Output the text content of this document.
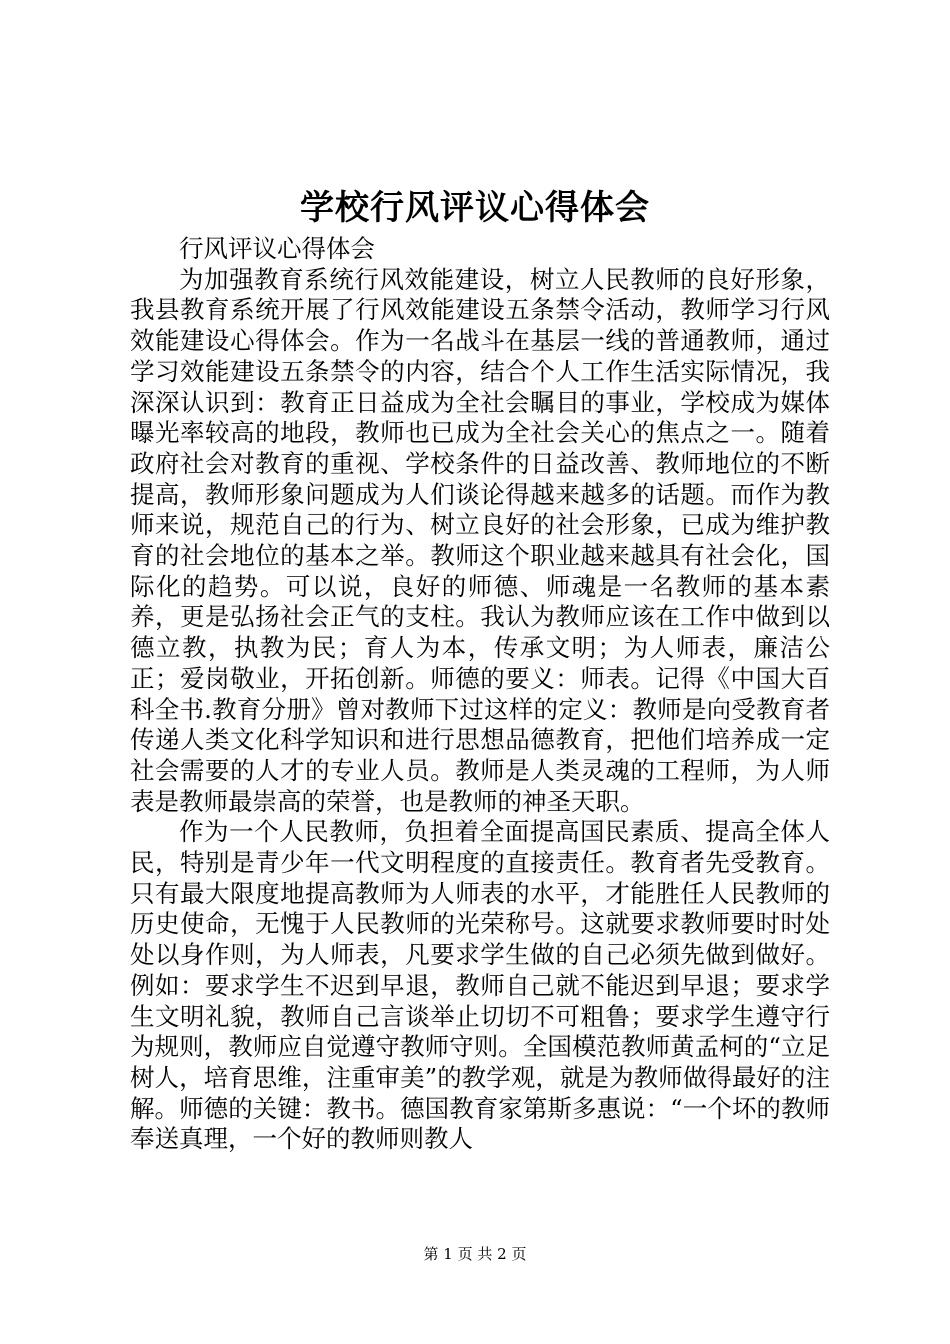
学校行风评议心得体会

行风评议心得体会

为加强教育系统行风效能建设，树立人民教师的良好形象，我县教育系统开展了行风效能建设五条禁令活动，教师学习行风效能建设心得体会。作为一名战斗在基层一线的普通教师，通过学习效能建设五条禁令的内容，结合个人工作生活实际情况，我深深认识到：教育正日益成为全社会瞩目的事业，学校成为媒体曝光率较高的地段，教师也已成为全社会关心的焦点之一。随着政府社会对教育的重视、学校条件的日益改善、教师地位的不断提高，教师形象问题成为人们谈论得越来越多的话题。而作为教师来说，规范自己的行为、树立良好的社会形象，已成为维护教育的社会地位的基本之举。教师这个职业越来越具有社会化，国际化的趋势。可以说，良好的师德、师魂是一名教师的基本素养，更是弘扬社会正气的支柱。我认为教师应该在工作中做到以德立教，执教为民；育人为本，传承文明；为人师表，廉洁公正；爱岗敬业，开拓创新。师德的要义：师表。记得《中国大百科全书.教育分册》曾对教师下过这样的定义：教师是向受教育者传递人类文化科学知识和进行思想品德教育，把他们培养成一定社会需要的人才的专业人员。教师是人类灵魂的工程师，为人师表是教师最崇高的荣誉，也是教师的神圣天职。

作为一个人民教师，负担着全面提高国民素质、提高全体人民，特别是青少年一代文明程度的直接责任。教育者先受教育。只有最大限度地提高教师为人师表的水平，才能胜任人民教师的历史使命，无愧于人民教师的光荣称号。这就要求教师要时时处处以身作则，为人师表，凡要求学生做的自己必须先做到做好。例如：要求学生不迟到早退，教师自己就不能迟到早退；要求学生文明礼貌，教师自己言谈举止切切不可粗鲁；要求学生遵守行为规则，教师应自觉遵守教师守则。全国模范教师黄孟柯的“立足树人，培育思维，注重审美”的教学观，就是为教师做得最好的注解。师德的关键：教书。德国教育家第斯多惠说：“一个坏的教师奉送真理，一个好的教师则教人

第 1 页 共 2 页
